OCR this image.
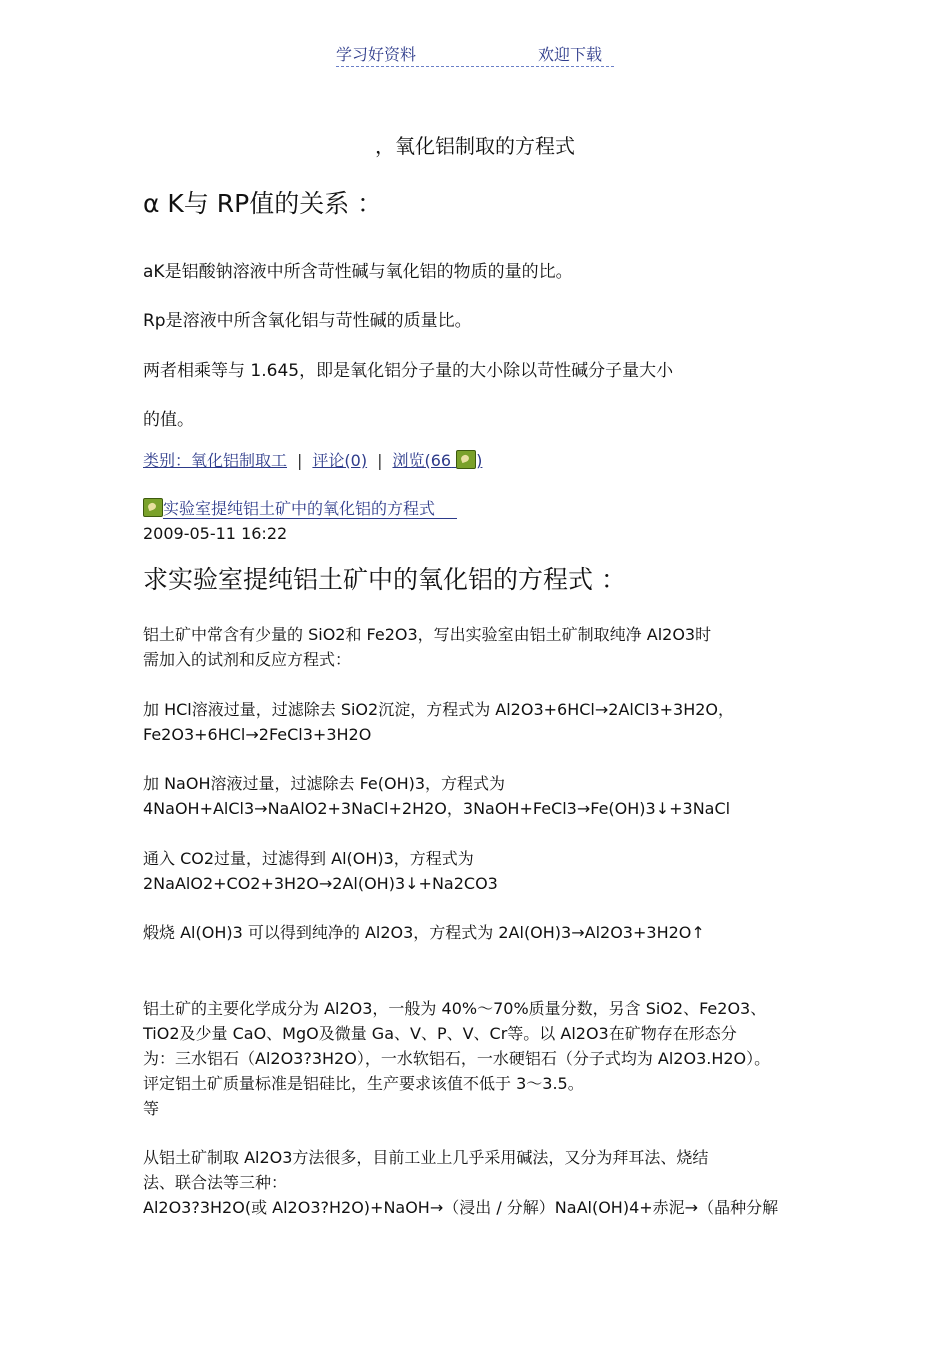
学习好资料	欢迎下载
，氧化铝制取的方程式
α K与 RP值的关系 ：
aK是铝酸钠溶液中所含苛性碱与氧化铝的物质的量的比。
Rp是溶液中所含氧化铝与苛性碱的质量比。
两者相乘等与 1.645，即是氧化铝分子量的大小除以苛性碱分子量大小
的值。
类别：氧化铝制取工 | 评论(0) | 浏览(66 )
实验室提纯铝土矿中的氧化铝的方程式
2009-05-11 16:22
求实验室提纯铝土矿中的氧化铝的方程式 ：
铝土矿中常含有少量的 SiO2和 Fe2O3，写出实验室由铝土矿制取纯净 Al2O3时
需加入的试剂和反应方程式：
加 HCl溶液过量，过滤除去 SiO2沉淀，方程式为 Al2O3+6HCl→2AlCl3+3H2O，
Fe2O3+6HCl→2FeCl3+3H2O
加 NaOH溶液过量，过滤除去 Fe(OH)3，方程式为
4NaOH+AlCl3→NaAlO2+3NaCl+2H2O，3NaOH+FeCl3→Fe(OH)3↓+3NaCl
通入 CO2过量，过滤得到 Al(OH)3，方程式为
2NaAlO2+CO2+3H2O→2Al(OH)3↓+Na2CO3
煅烧 Al(OH)3 可以得到纯净的 Al2O3，方程式为 2Al(OH)3→Al2O3+3H2O↑
铝土矿的主要化学成分为 Al2O3，一般为 40%～70%质量分数，另含 SiO2、Fe2O3、
TiO2及少量 CaO、MgO及微量 Ga、V、P、V、Cr等。以 Al2O3在矿物存在形态分
为：三水铝石（Al2O3?3H2O），一水软铝石，一水硬铝石（分子式均为 Al2O3.H2O）。
评定铝土矿质量标准是铝硅比，生产要求该值不低于 3～3.5。
等
从铝土矿制取 Al2O3方法很多，目前工业上几乎采用碱法，又分为拜耳法、烧结
法、联合法等三种：
Al2O3?3H2O(或 Al2O3?H2O)+NaOH→（浸出 / 分解）NaAl(OH)4+赤泥→（晶种分解
